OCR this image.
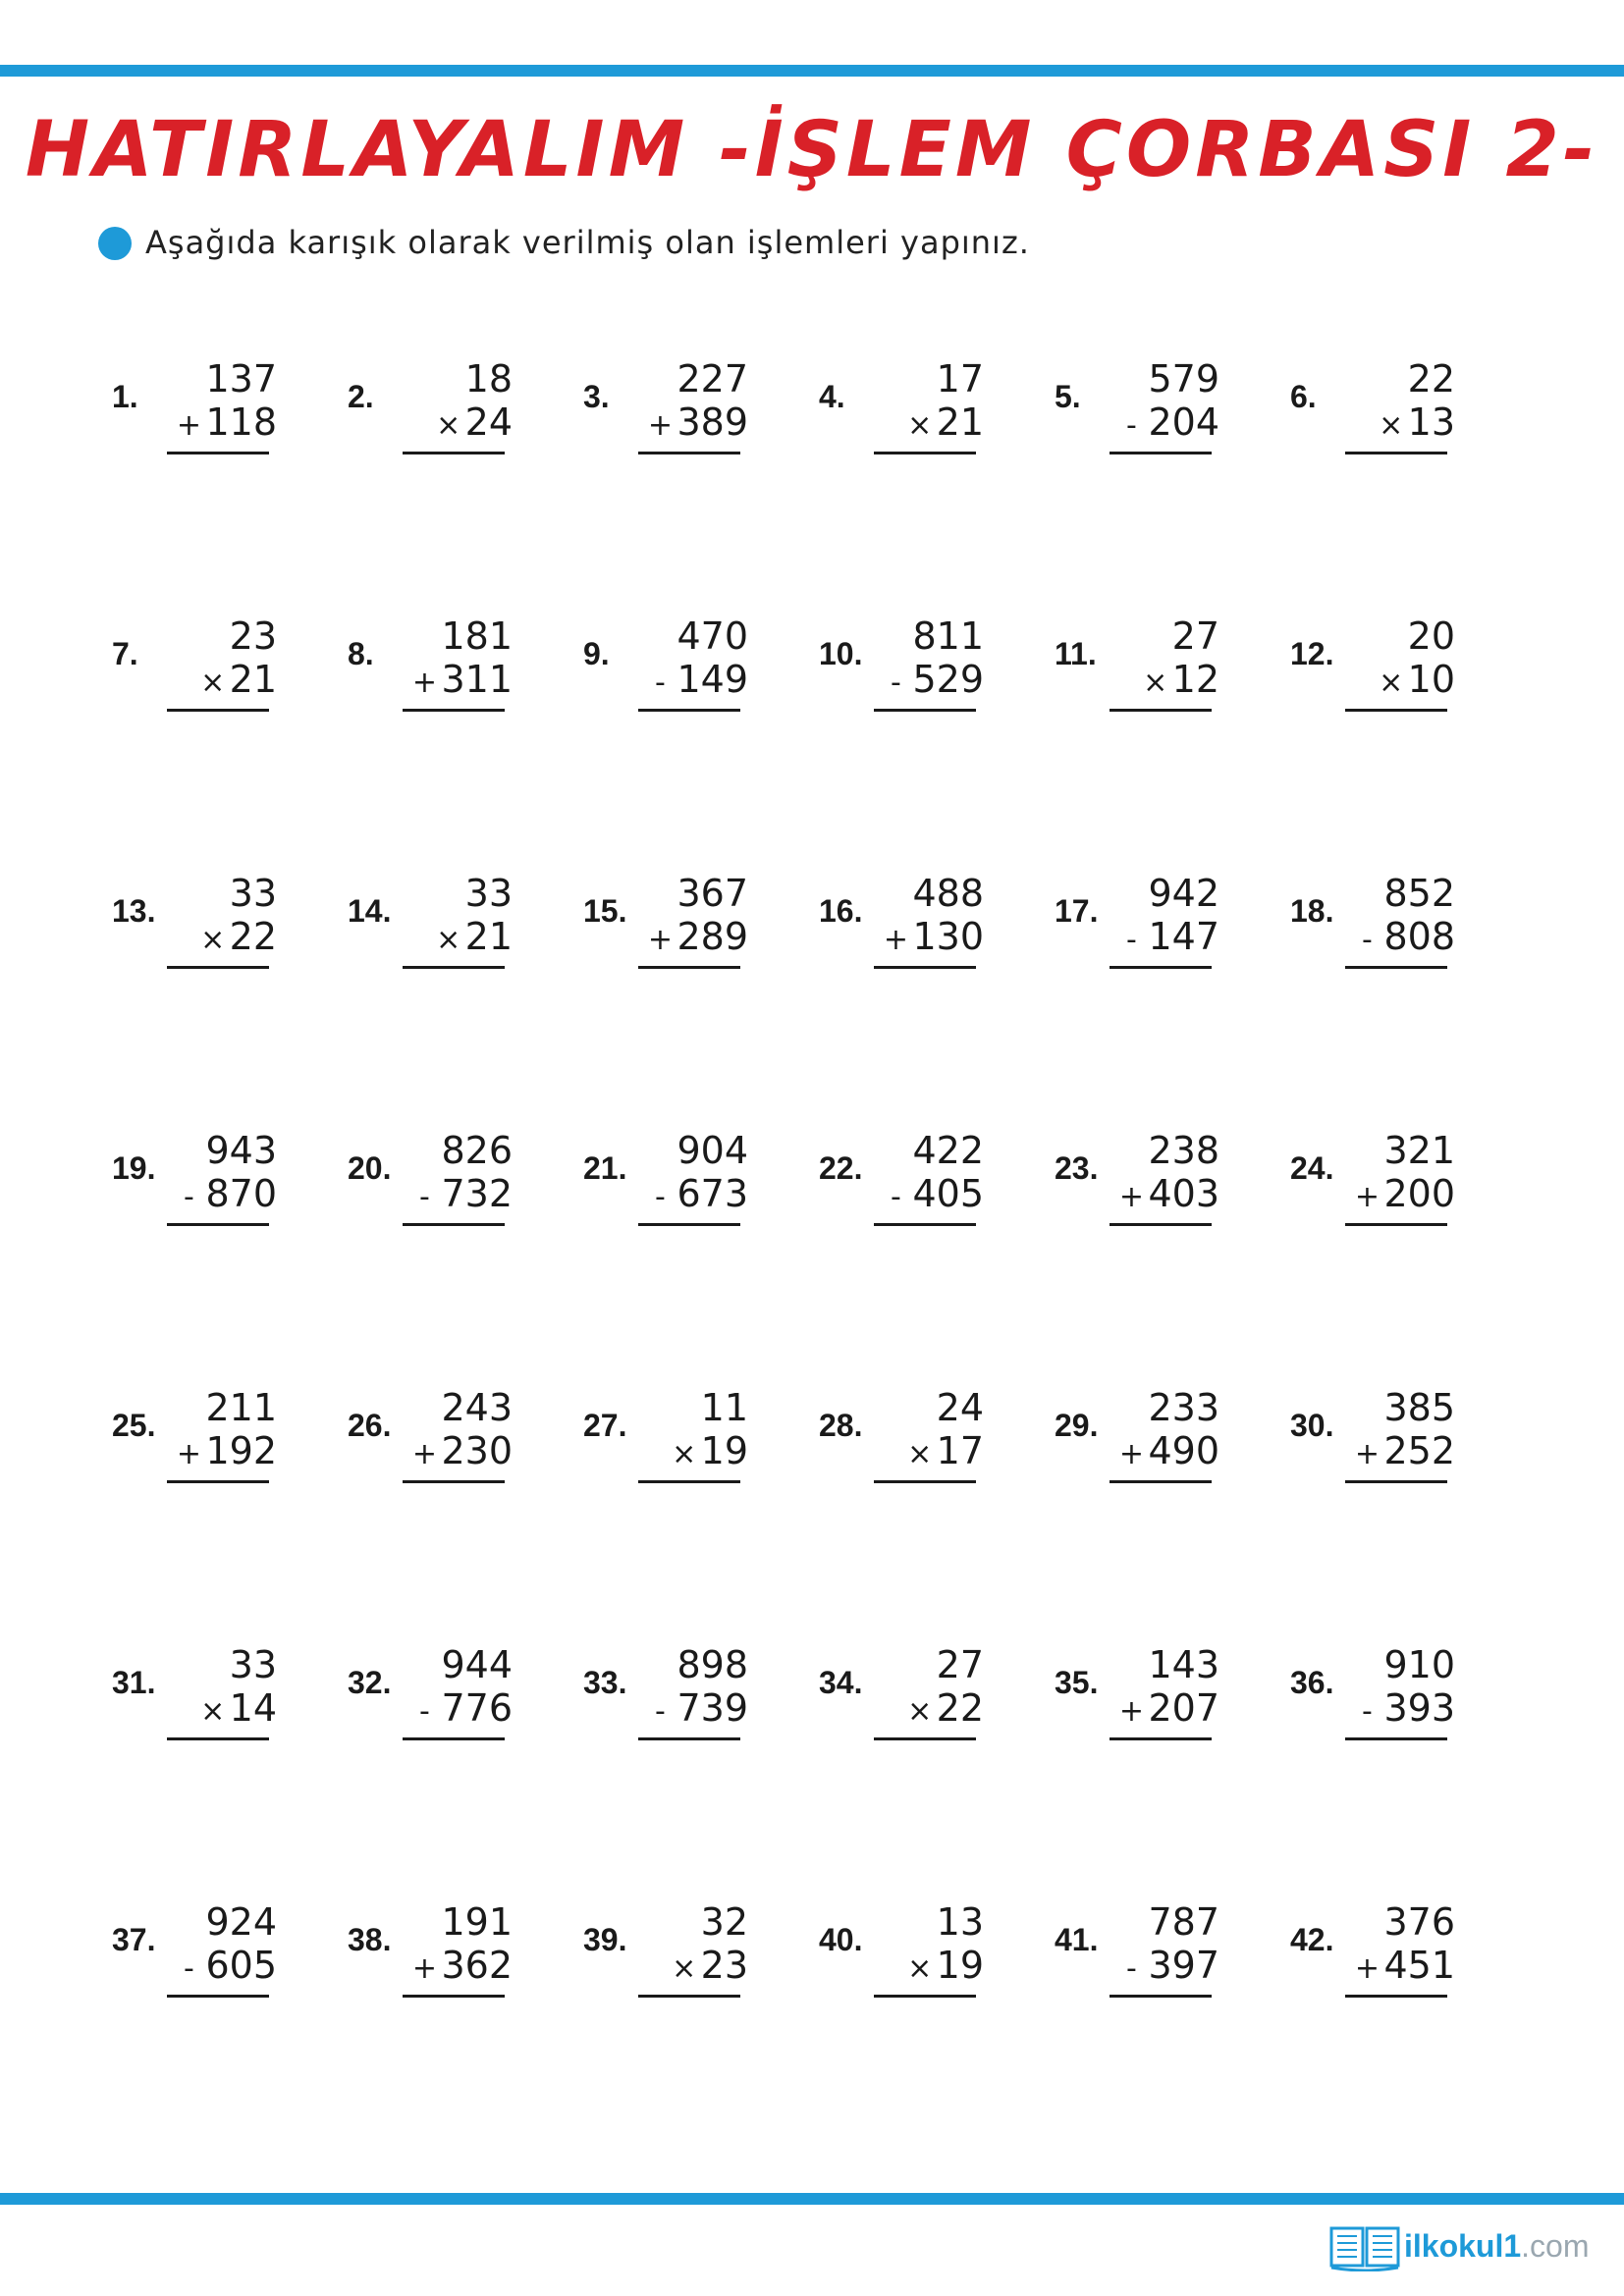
HATIRLAYALIM -İŞLEM ÇORBASI 2-
Aşağıda karışık olarak verilmiş olan işlemleri yapınız.
1. 137
+ 118
2. 18
× 24
3. 227
+ 389
4. 17
× 21
5. 579
- 204
6. 22
× 13
7. 23
× 21
8. 181
+ 311
9. 470
- 149
10. 811
- 529
11. 27
× 12
12. 20
× 10
13. 33
× 22
14. 33
× 21
15. 367
+ 289
16. 488
+ 130
17. 942
- 147
18. 852
- 808
19. 943
- 870
20. 826
- 732
21. 904
- 673
22. 422
- 405
23. 238
+ 403
24. 321
+ 200
25. 211
+ 192
26. 243
+ 230
27. 11
× 19
28. 24
× 17
29. 233
+ 490
30. 385
+ 252
31. 33
× 14
32. 944
- 776
33. 898
- 739
34. 27
× 22
35. 143
+ 207
36. 910
- 393
37. 924
- 605
38. 191
+ 362
39. 32
× 23
40. 13
× 19
41. 787
- 397
42. 376
+ 451
ilkokul1.com
